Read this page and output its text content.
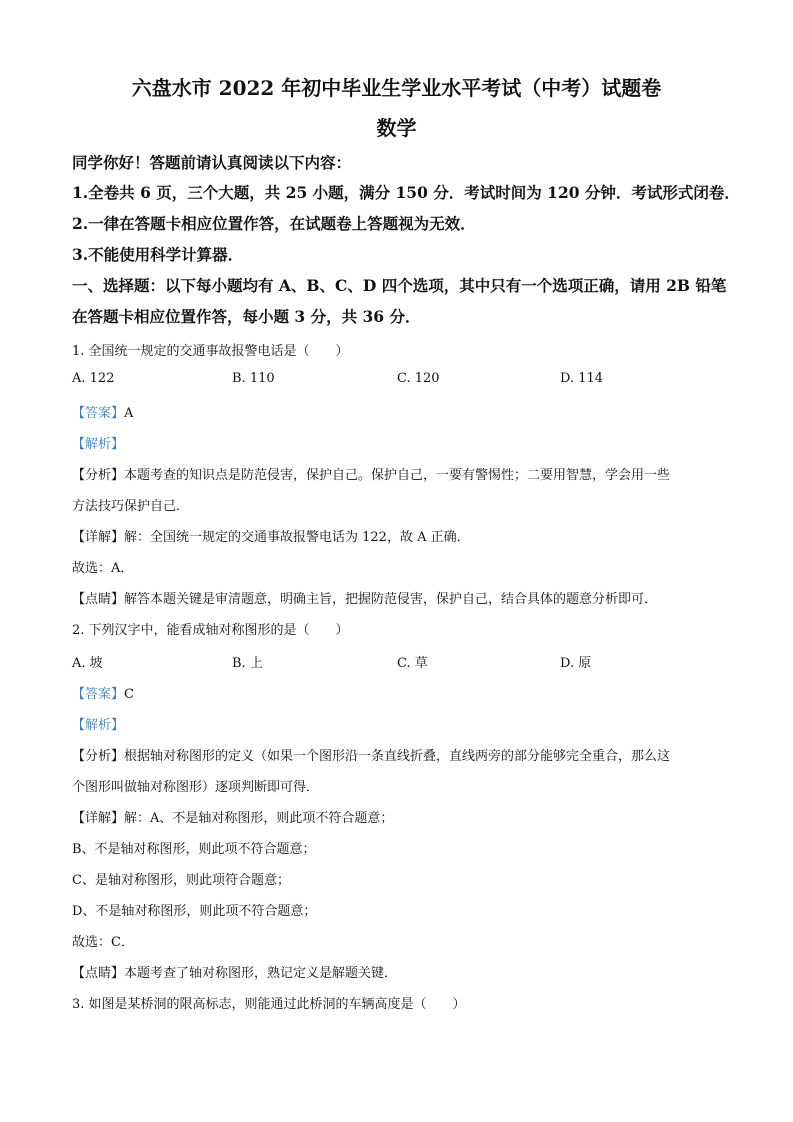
六盘水市 2022 年初中毕业生学业水平考试（中考）试题卷
数学
同学你好！答题前请认真阅读以下内容：
1.全卷共 6 页，三个大题，共 25 小题，满分 150 分．考试时间为 120 分钟．考试形式闭卷．
2.一律在答题卡相应位置作答，在试题卷上答题视为无效．
3.不能使用科学计算器．
一、选择题：以下每小题均有 A、B、C、D 四个选项，其中只有一个选项正确，请用 2B 铅笔
在答题卡相应位置作答，每小题 3 分，共 36 分．
1. 全国统一规定的交通事故报警电话是（　　）
A. 122	B. 110	C. 120	D. 114
【答案】A
【解析】
【分析】本题考查的知识点是防范侵害，保护自己。保护自己，一要有警惕性；二要用智慧，学会用一些
方法技巧保护自己．
【详解】解：全国统一规定的交通事故报警电话为 122，故 A 正确．
故选：A．
【点睛】解答本题关键是审清题意，明确主旨，把握防范侵害，保护自己，结合具体的题意分析即可．
2. 下列汉字中，能看成轴对称图形的是（　　）
A. 坡	B. 上	C. 草	D. 原
【答案】C
【解析】
【分析】根据轴对称图形的定义（如果一个图形沿一条直线折叠，直线两旁的部分能够完全重合，那么这
个图形叫做轴对称图形）逐项判断即可得．
【详解】解：A、不是轴对称图形，则此项不符合题意；
B、不是轴对称图形，则此项不符合题意；
C、是轴对称图形，则此项符合题意；
D、不是轴对称图形，则此项不符合题意；
故选：C．
【点睛】本题考查了轴对称图形，熟记定义是解题关键．
3. 如图是某桥洞的限高标志，则能通过此桥洞的车辆高度是（　　）
